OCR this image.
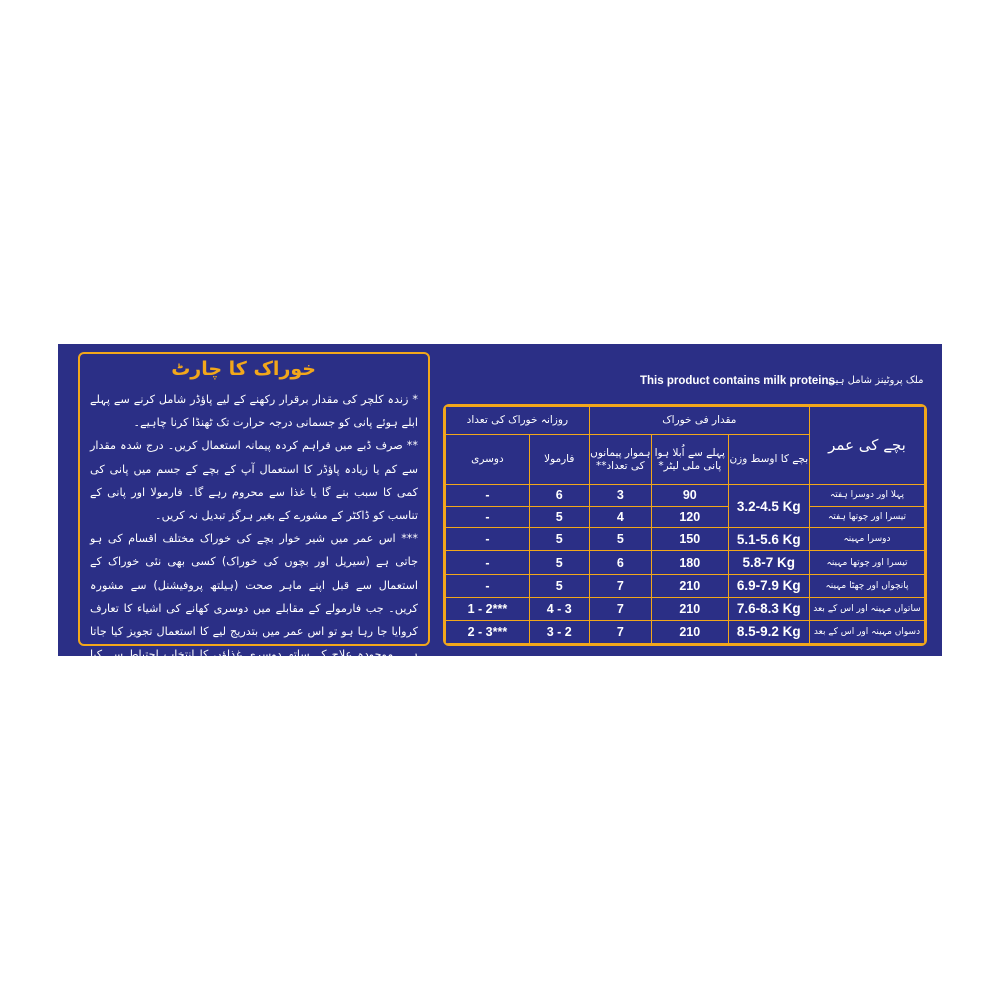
خوراک کا چارٹ

* زندہ کلچر کی مقدار برقرار رکھنے کے لیے پاؤڈر شامل کرنے سے پہلے ابلے ہوئے پانی کو جسمانی درجہ حرارت تک ٹھنڈا کرنا چاہیے۔

** صرف ڈبے میں فراہم کردہ پیمانہ استعمال کریں۔ درج شدہ مقدار سے کم یا زیادہ پاؤڈر کا استعمال آپ کے بچے کے جسم میں پانی کی کمی کا سبب بنے گا یا غذا سے محروم رہے گا۔ فارمولا اور پانی کے تناسب کو ڈاکٹر کے مشورے کے بغیر ہرگز تبدیل نہ کریں۔

*** اس عمر میں شیر خوار بچے کی خوراک مختلف اقسام کی ہو جاتی ہے (سیریل اور بچوں کی خوراک) کسی بھی نئی خوراک کے استعمال سے قبل اپنے ماہر صحت (ہیلتھ پروفیشنل) سے مشورہ کریں۔ جب فارمولے کے مقابلے میں دوسری کھانے کی اشیاء کا تعارف کروایا جا رہا ہو تو اس عمر میں بتدریج لیے کا استعمال تجویز کیا جاتا ہے۔ موجودہ علاج کے ساتھ دوسری غذاؤں کا انتخاب احتیاط سے کیا جانا چاہیے (جیسا کہ لیکٹوز کی غیر موجودگی)۔ 6 ماہ سے پہلے جب بچوں کو ماں کا دودھ نہ پلایا جا رہا ہو تو اس کا استعمال غذائیت کے واحد ذریعے کے طور پر موزوں ہے۔

This product contains milk proteins
ملک پروٹینز شامل ہیں
روزانہ خوراک کی تعداد		مقدار فی خوراک			بچے کی عمر
دوسری	فارمولا	ہموار پیمانوں کی تعداد**	پہلے سے اُبلا ہوا پانی ملی لیٹر*	بچے کا اوسط وزن	
-	6	3	90	3.2-4.5 Kg	پہلا اور دوسرا ہفتہ
-	5	4	120		تیسرا اور چوتھا ہفتہ
-	5	5	150	5.1-5.6 Kg	دوسرا مہینہ
-	5	6	180	5.8-7 Kg	تیسرا اور چوتھا مہینہ
-	5	7	210	6.9-7.9 Kg	پانچواں اور چھٹا مہینہ
1 - 2***	4 - 3	7	210	7.6-8.3 Kg	ساتواں مہینہ اور اس کے بعد
2 - 3***	3 - 2	7	210	8.5-9.2 Kg	دسواں مہینہ اور اس کے بعد
